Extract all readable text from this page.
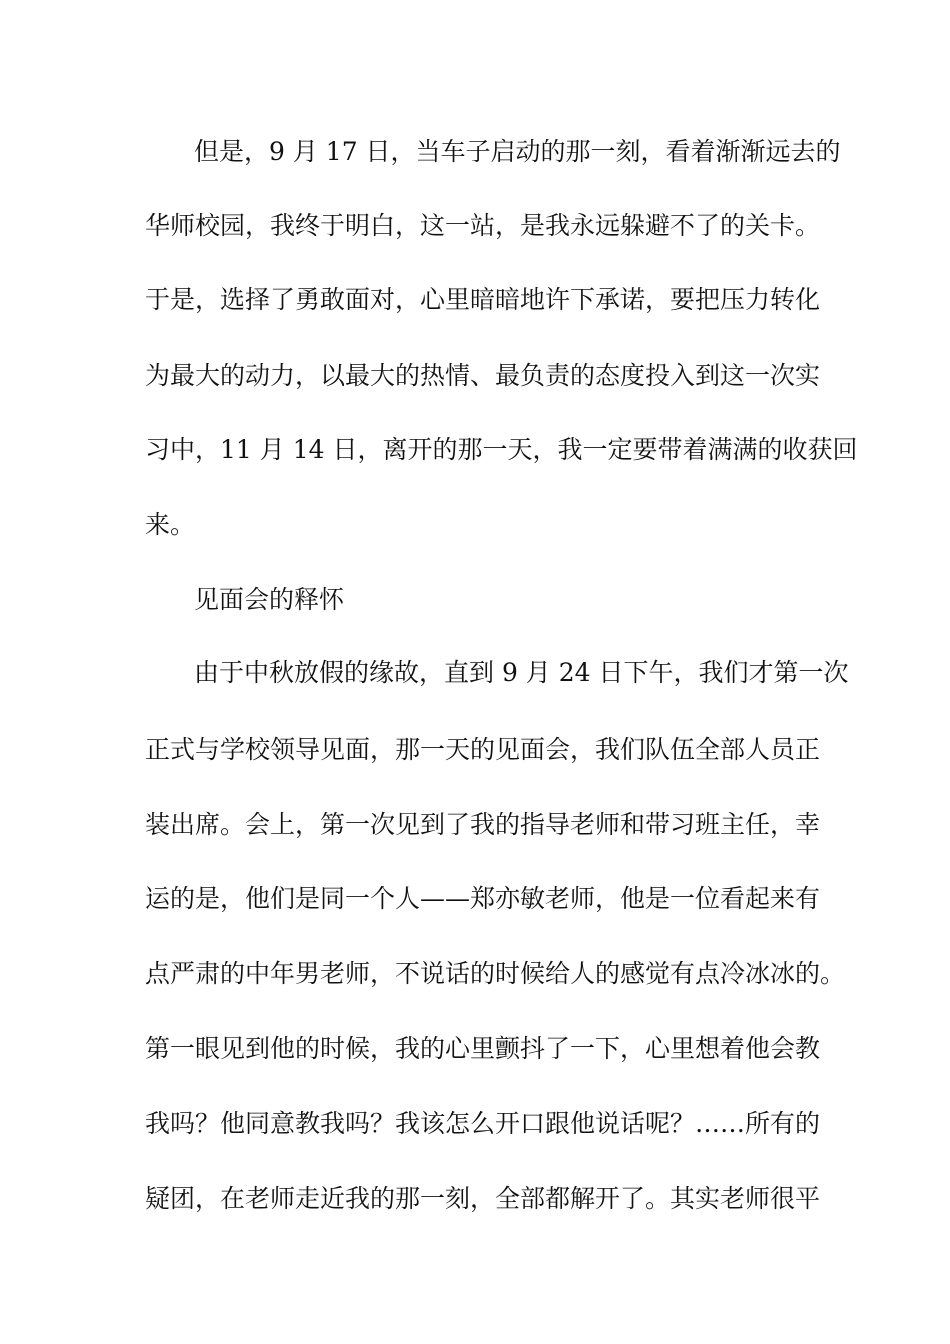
但是，9 月 17 日，当车子启动的那一刻，看着渐渐远去的
华师校园，我终于明白，这一站，是我永远躲避不了的关卡。
于是，选择了勇敢面对，心里暗暗地许下承诺，要把压力转化
为最大的动力，以最大的热情、最负责的态度投入到这一次实
习中，11 月 14 日，离开的那一天，我一定要带着满满的收获回
来。
见面会的释怀
由于中秋放假的缘故，直到 9 月 24 日下午，我们才第一次
正式与学校领导见面，那一天的见面会，我们队伍全部人员正
装出席。会上，第一次见到了我的指导老师和带习班主任，幸
运的是，他们是同一个人——郑亦敏老师，他是一位看起来有
点严肃的中年男老师，不说话的时候给人的感觉有点冷冰冰的。
第一眼见到他的时候，我的心里颤抖了一下，心里想着他会教
我吗？他同意教我吗？我该怎么开口跟他说话呢？……所有的
疑团，在老师走近我的那一刻，全部都解开了。其实老师很平
